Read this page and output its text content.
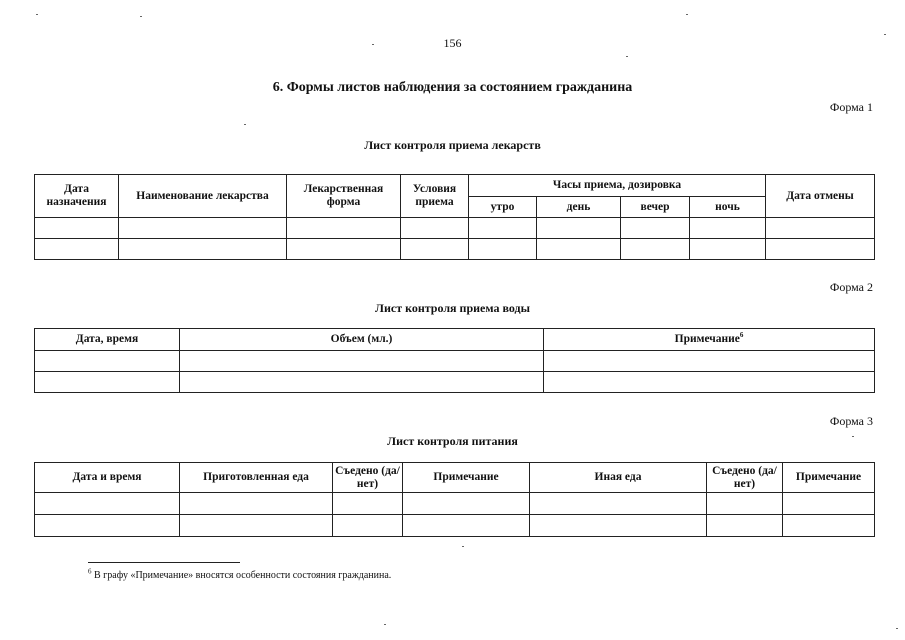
156
6. Формы листов наблюдения за состоянием гражданина
Форма 1
Лист контроля приема лекарств
Дата назначения	Наименование лекарства	Лекарственная форма	Условия приема	Часы приема, дозировка				Дата отмены
				утро	день	вечер	ночь	

Форма 2
Лист контроля приема воды
Дата, время	Объем (мл.)	Примечание$^6$

Форма 3
Лист контроля питания
Дата и время	Приготовленная еда	Съедено (да/нет)	Примечание	Иная еда	Съедено (да/нет)	Примечание

$^6$ В графу «Примечание» вносятся особенности состояния гражданина.
